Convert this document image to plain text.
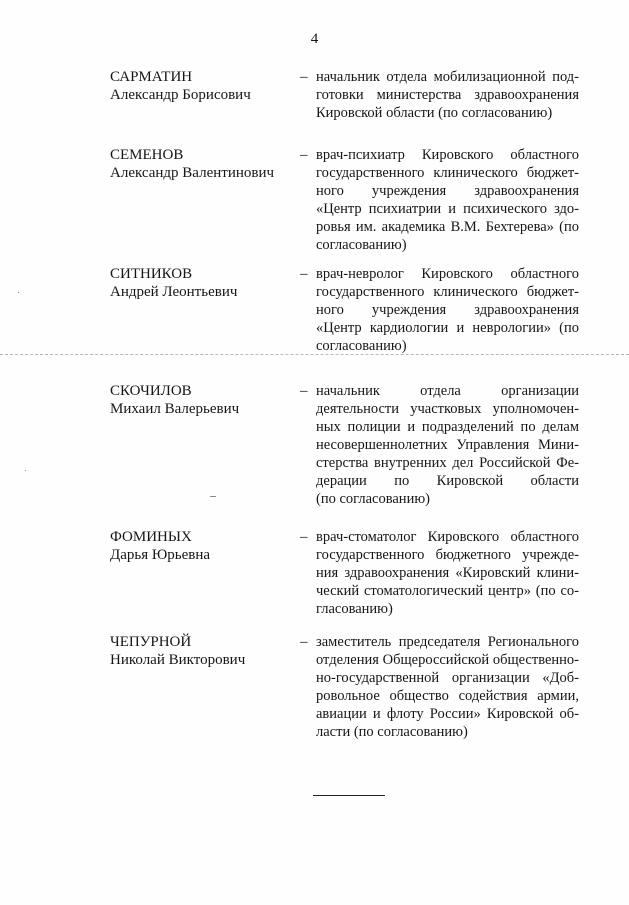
4
САРМАТИН
Александр Борисович
– начальник отдела мобилизационной под-
готовки министерства здравоохранения
Кировской области (по согласованию)
СЕМЕНОВ
Александр Валентинович
– врач-психиатр Кировского областного
государственного клинического бюджет-
ного учреждения здравоохранения
«Центр психиатрии и психического здо-
ровья им. академика В.М. Бехтерева» (по
согласованию)
СИТНИКОВ
Андрей Леонтьевич
– врач-невролог Кировского областного
государственного клинического бюджет-
ного учреждения здравоохранения
«Центр кардиологии и неврологии» (по
согласованию)
СКОЧИЛОВ
Михаил Валерьевич
– начальник отдела организации
деятельности участковых уполномочен-
ных полиции и подразделений по делам
несовершеннолетних Управления Мини-
стерства внутренних дел Российской Фе-
дерации по Кировской области
(по согласованию)
ФОМИНЫХ
Дарья Юрьевна
– врач-стоматолог Кировского областного
государственного бюджетного учрежде-
ния здравоохранения «Кировский клини-
ческий стоматологический центр» (по со-
гласованию)
ЧЕПУРНОЙ
Николай Викторович
– заместитель председателя Регионального
отделения Общероссийской общественно-
но-государственной организации «Доб-
ровольное общество содействия армии,
авиации и флоту России» Кировской об-
ласти (по согласованию)
